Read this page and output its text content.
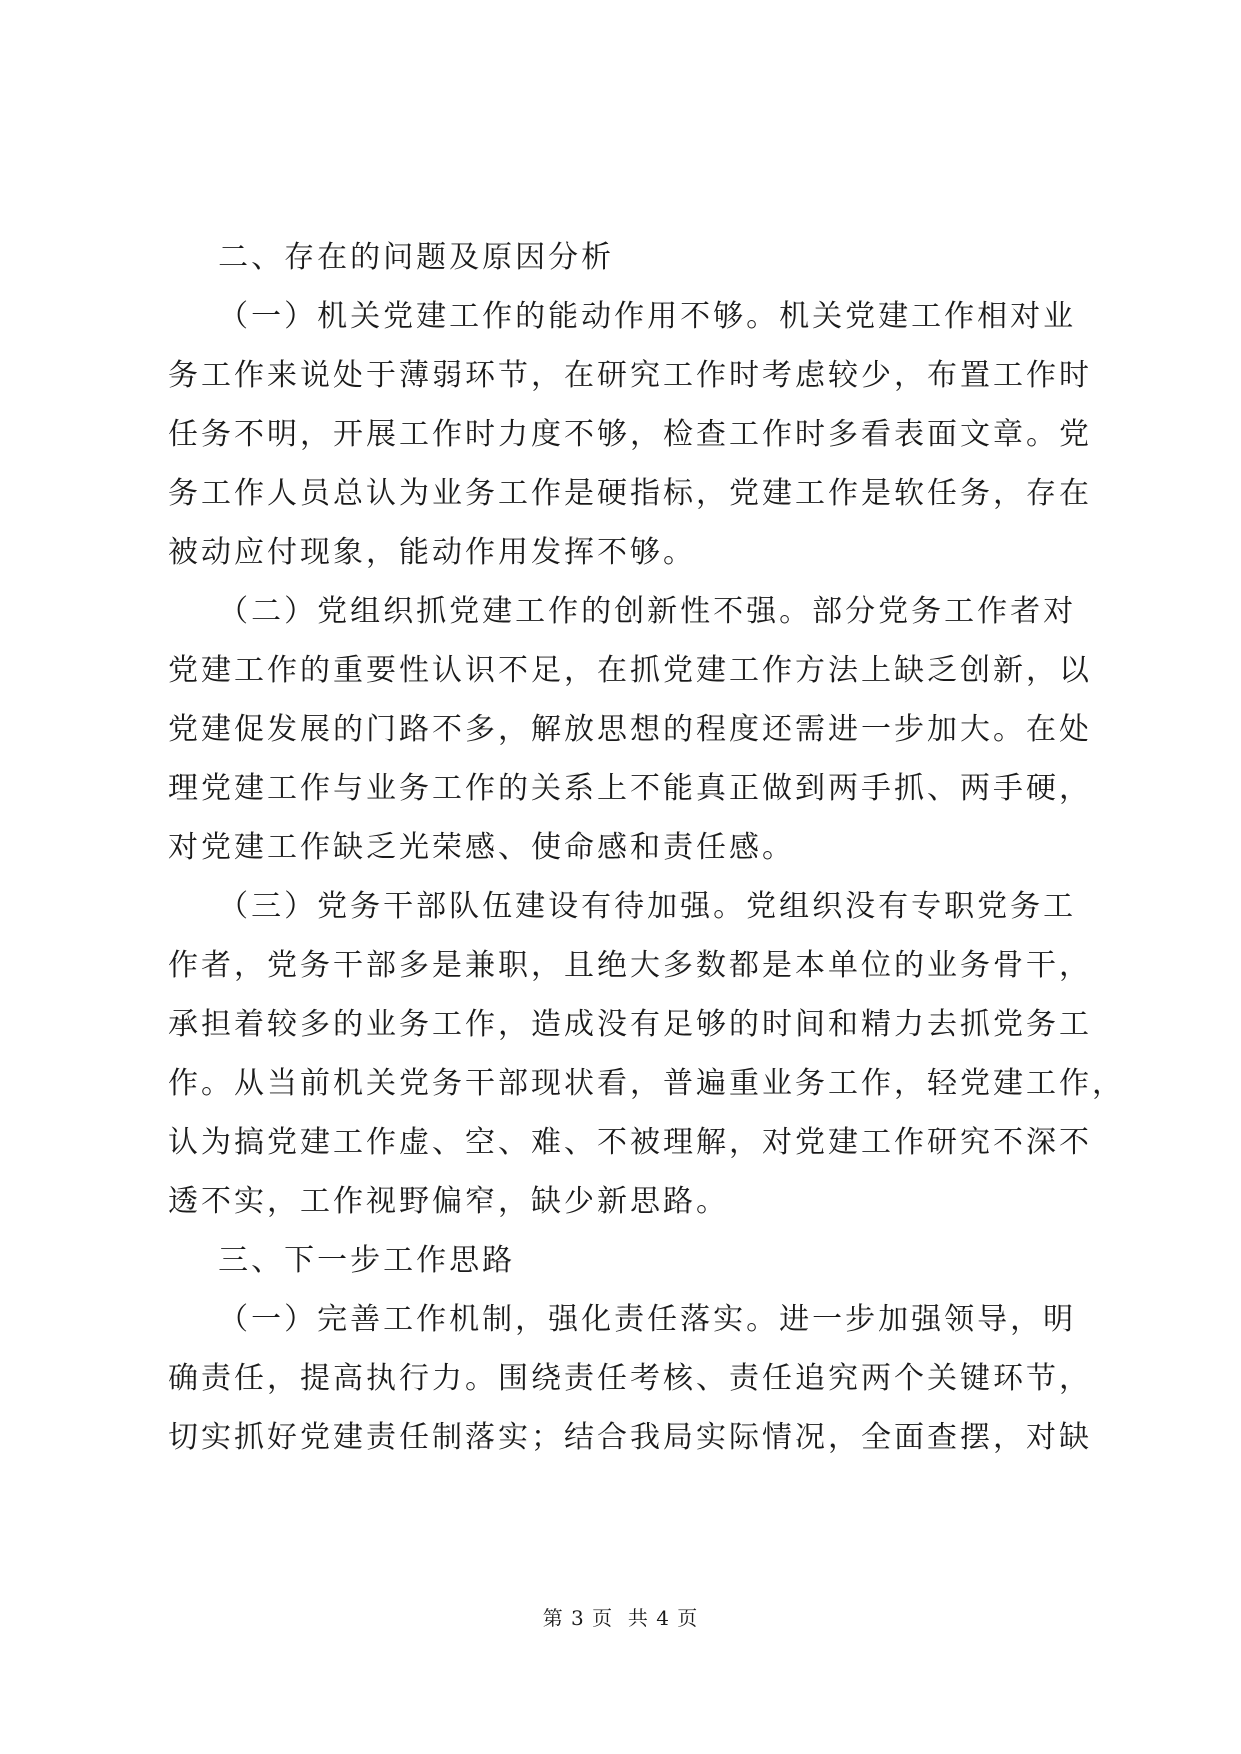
二、存在的问题及原因分析
（一）机关党建工作的能动作用不够。机关党建工作相对业
务工作来说处于薄弱环节，在研究工作时考虑较少，布置工作时
任务不明，开展工作时力度不够，检查工作时多看表面文章。党
务工作人员总认为业务工作是硬指标，党建工作是软任务，存在
被动应付现象，能动作用发挥不够。
（二）党组织抓党建工作的创新性不强。部分党务工作者对
党建工作的重要性认识不足，在抓党建工作方法上缺乏创新，以
党建促发展的门路不多，解放思想的程度还需进一步加大。在处
理党建工作与业务工作的关系上不能真正做到两手抓、两手硬，
对党建工作缺乏光荣感、使命感和责任感。
（三）党务干部队伍建设有待加强。党组织没有专职党务工
作者，党务干部多是兼职，且绝大多数都是本单位的业务骨干，
承担着较多的业务工作，造成没有足够的时间和精力去抓党务工
作。从当前机关党务干部现状看，普遍重业务工作，轻党建工作，
认为搞党建工作虚、空、难、不被理解，对党建工作研究不深不
透不实，工作视野偏窄，缺少新思路。
三、下一步工作思路
（一）完善工作机制，强化责任落实。进一步加强领导，明
确责任，提高执行力。围绕责任考核、责任追究两个关键环节，
切实抓好党建责任制落实；结合我局实际情况，全面查摆，对缺
第 3 页  共 4 页
